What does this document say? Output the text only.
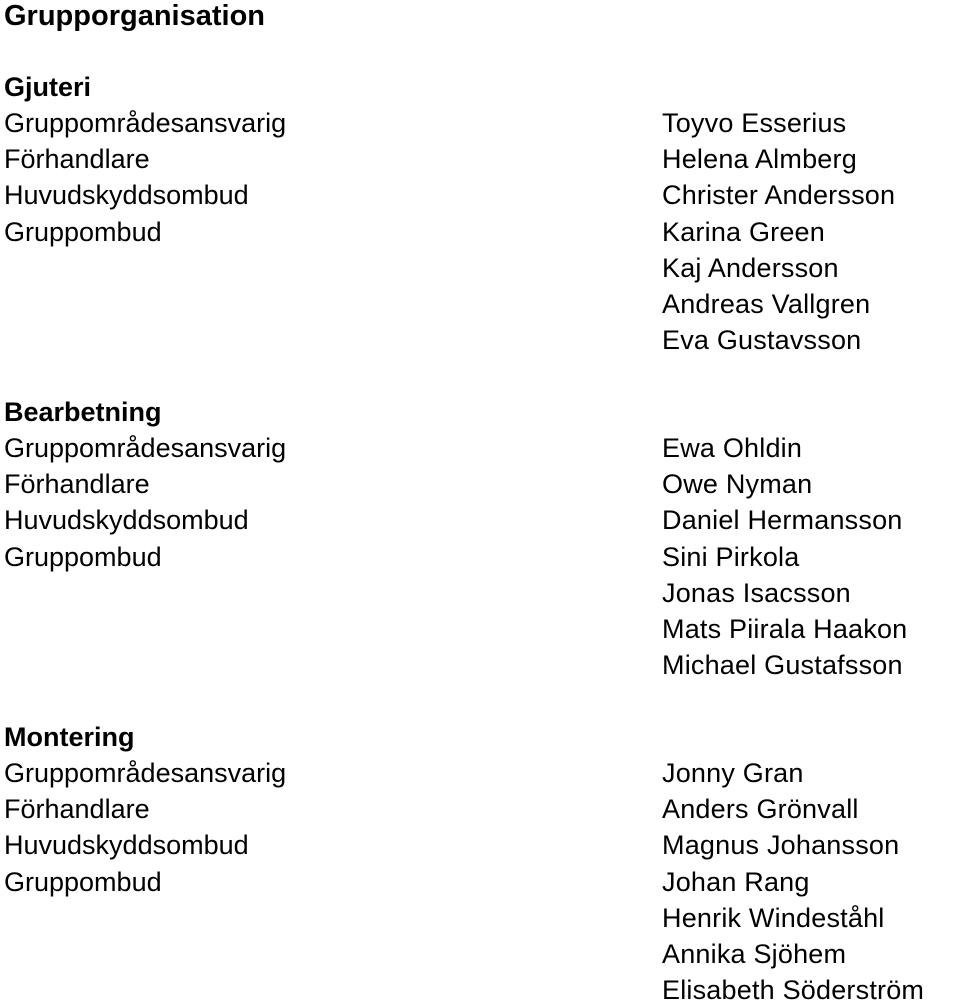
Grupporganisation
Gjuteri
Gruppområdesansvarig
Förhandlare
Huvudskyddsombud
Gruppombud
Toyvo Esserius
Helena Almberg
Christer Andersson
Karina Green
Kaj Andersson
Andreas Vallgren
Eva Gustavsson
Bearbetning
Gruppområdesansvarig
Förhandlare
Huvudskyddsombud
Gruppombud
Ewa Ohldin
Owe Nyman
Daniel Hermansson
Sini Pirkola
Jonas Isacsson
Mats Piirala Haakon
Michael Gustafsson
Montering
Gruppområdesansvarig
Förhandlare
Huvudskyddsombud
Gruppombud
Jonny Gran
Anders Grönvall
Magnus Johansson
Johan Rang
Henrik Windeståhl
Annika Sjöhem
Elisabeth Söderström
